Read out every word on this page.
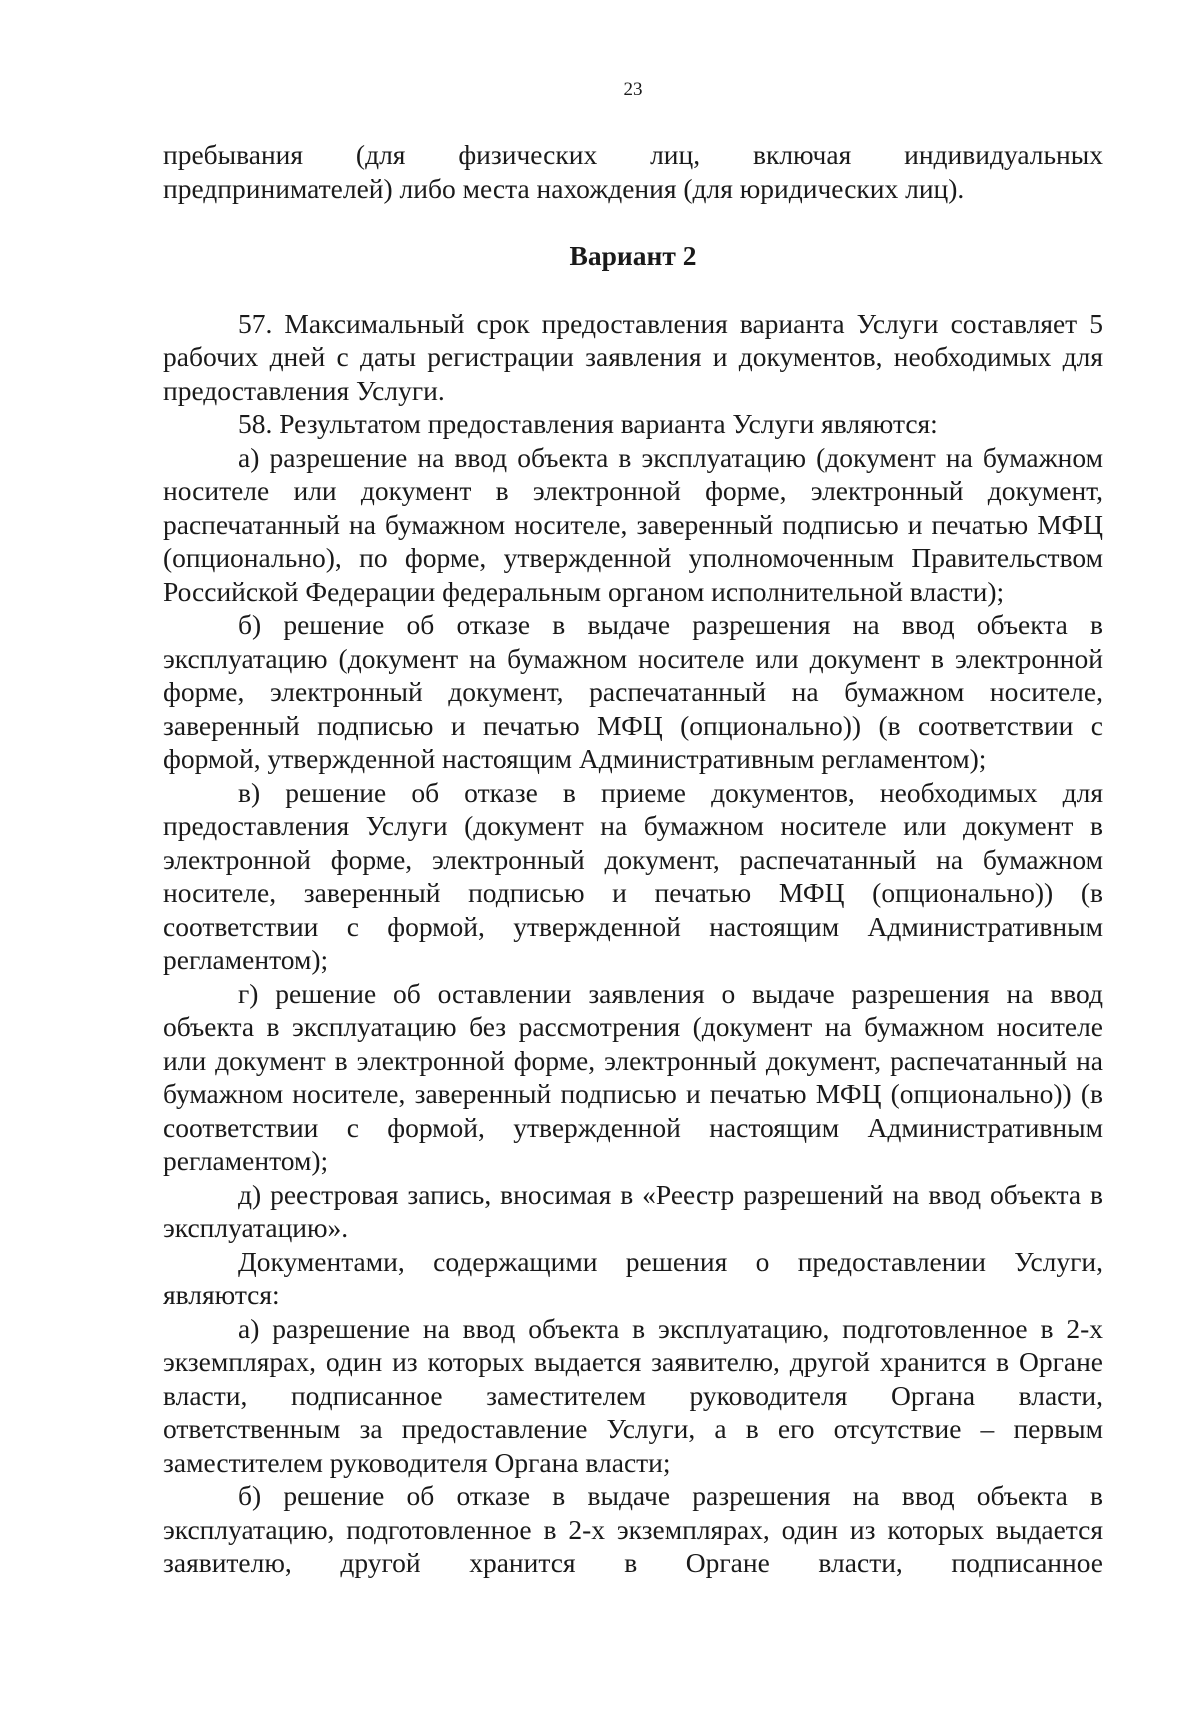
23

пребывания (для физических лиц, включая индивидуальных предпринимателей) либо места нахождения (для юридических лиц).

Вариант 2

57. Максимальный срок предоставления варианта Услуги составляет 5 рабочих дней с даты регистрации заявления и документов, необходимых для предоставления Услуги.

58. Результатом предоставления варианта Услуги являются:

а) разрешение на ввод объекта в эксплуатацию (документ на бумажном носителе или документ в электронной форме, электронный документ, распечатанный на бумажном носителе, заверенный подписью и печатью МФЦ (опционально), по форме, утвержденной уполномоченным Правительством Российской Федерации федеральным органом исполнительной власти);

б) решение об отказе в выдаче разрешения на ввод объекта в эксплуатацию (документ на бумажном носителе или документ в электронной форме, электронный документ, распечатанный на бумажном носителе, заверенный подписью и печатью МФЦ (опционально)) (в соответствии с формой, утвержденной настоящим Административным регламентом);

в) решение об отказе в приеме документов, необходимых для предоставления Услуги (документ на бумажном носителе или документ в электронной форме, электронный документ, распечатанный на бумажном носителе, заверенный подписью и печатью МФЦ (опционально)) (в соответствии с формой, утвержденной настоящим Административным регламентом);

г) решение об оставлении заявления о выдаче разрешения на ввод объекта в эксплуатацию без рассмотрения (документ на бумажном носителе или документ в электронной форме, электронный документ, распечатанный на бумажном носителе, заверенный подписью и печатью МФЦ (опционально)) (в соответствии с формой, утвержденной настоящим Административным регламентом);

д) реестровая запись, вносимая в «Реестр разрешений на ввод объекта в эксплуатацию».

Документами, содержащими решения о предоставлении Услуги, являются:

а) разрешение на ввод объекта в эксплуатацию, подготовленное в 2-х экземплярах, один из которых выдается заявителю, другой хранится в Органе власти, подписанное заместителем руководителя Органа власти, ответственным за предоставление Услуги, а в его отсутствие – первым заместителем руководителя Органа власти;

б) решение об отказе в выдаче разрешения на ввод объекта в эксплуатацию, подготовленное в 2-х экземплярах, один из которых выдается заявителю, другой хранится в Органе власти, подписанное
